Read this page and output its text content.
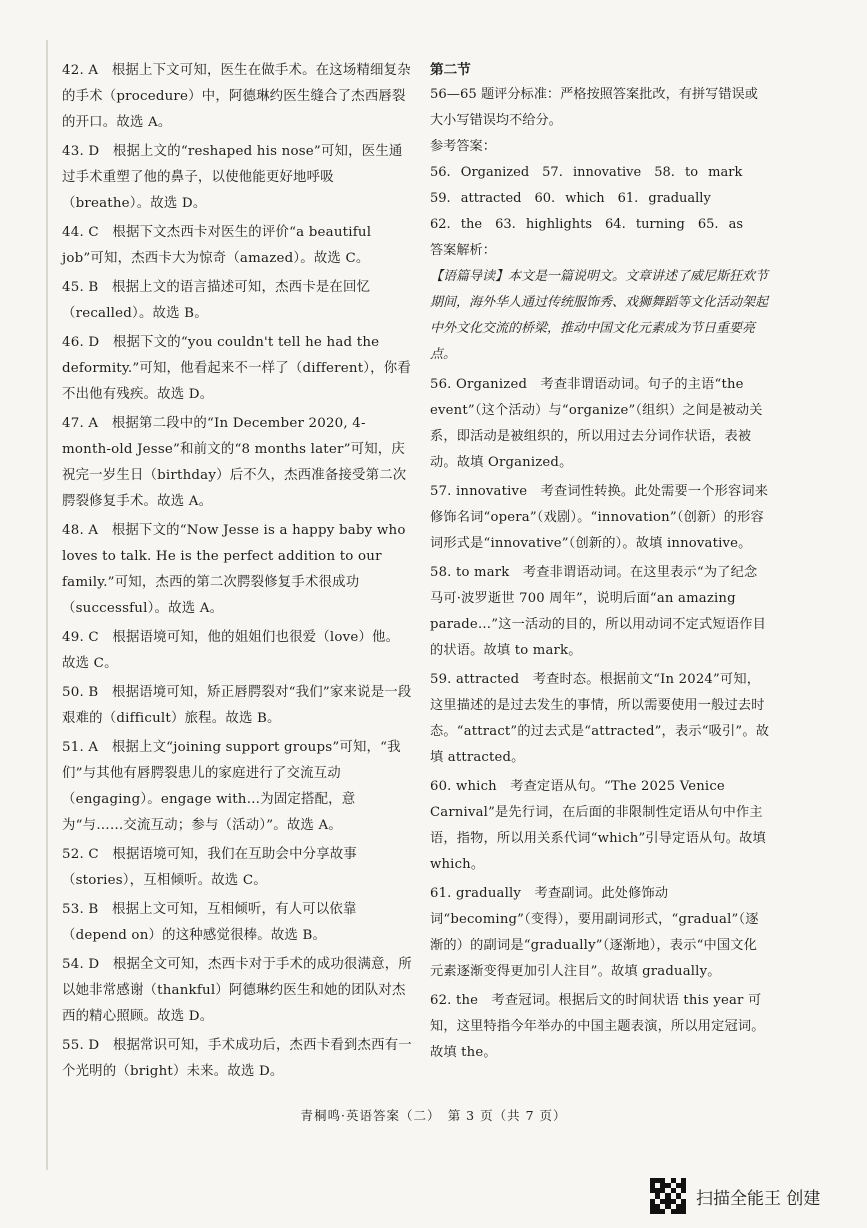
42. A　根据上下文可知，医生在做手术。在这场精细复杂的手术（procedure）中，阿德琳约医生缝合了杰西唇裂的开口。故选 A。
43. D　根据上文的“reshaped his nose”可知，医生通过手术重塑了他的鼻子，以使他能更好地呼吸（breathe）。故选 D。
44. C　根据下文杰西卡对医生的评价“a beautiful job”可知，杰西卡大为惊奇（amazed）。故选 C。
45. B　根据上文的语言描述可知，杰西卡是在回忆（recalled）。故选 B。
46. D　根据下文的“you couldn't tell he had the deformity.”可知，他看起来不一样了（different），你看不出他有残疾。故选 D。
47. A　根据第二段中的“In December 2020, 4-month-old Jesse”和前文的“8 months later”可知，庆祝完一岁生日（birthday）后不久，杰西准备接受第二次腭裂修复手术。故选 A。
48. A　根据下文的“Now Jesse is a happy baby who loves to talk. He is the perfect addition to our family.”可知，杰西的第二次腭裂修复手术很成功（successful）。故选 A。
49. C　根据语境可知，他的姐姐们也很爱（love）他。故选 C。
50. B　根据语境可知，矫正唇腭裂对“我们”家来说是一段艰难的（difficult）旅程。故选 B。
51. A　根据上文“joining support groups”可知，“我们”与其他有唇腭裂患儿的家庭进行了交流互动（engaging）。engage with…为固定搭配，意为“与……交流互动；参与（活动）”。故选 A。
52. C　根据语境可知，我们在互助会中分享故事（stories），互相倾听。故选 C。
53. B　根据上文可知，互相倾听，有人可以依靠（depend on）的这种感觉很棒。故选 B。
54. D　根据全文可知，杰西卡对于手术的成功很满意，所以她非常感谢（thankful）阿德琳约医生和她的团队对杰西的精心照顾。故选 D。
55. D　根据常识可知，手术成功后，杰西卡看到杰西有一个光明的（bright）未来。故选 D。
第二节
56—65 题评分标准：严格按照答案批改，有拼写错误或大小写错误均不给分。
参考答案：
56. Organized　57. innovative　58. to mark
59. attracted　60. which　61. gradually
62. the　63. highlights　64. turning　65. as
答案解析：
【语篇导读】本文是一篇说明文。文章讲述了威尼斯狂欢节期间，海外华人通过传统服饰秀、戏狮舞蹈等文化活动架起中外文化交流的桥梁，推动中国文化元素成为节日重要亮点。
56. Organized　考查非谓语动词。句子的主语“the event”（这个活动）与“organize”（组织）之间是被动关系，即活动是被组织的，所以用过去分词作状语，表被动。故填 Organized。
57. innovative　考查词性转换。此处需要一个形容词来修饰名词“opera”（戏剧）。“innovation”（创新）的形容词形式是“innovative”（创新的）。故填 innovative。
58. to mark　考查非谓语动词。在这里表示“为了纪念马可·波罗逝世 700 周年”，说明后面“an amazing parade…”这一活动的目的，所以用动词不定式短语作目的状语。故填 to mark。
59. attracted　考查时态。根据前文“In 2024”可知，这里描述的是过去发生的事情，所以需要使用一般过去时态。“attract”的过去式是“attracted”，表示“吸引”。故填 attracted。
60. which　考查定语从句。“The 2025 Venice Carnival”是先行词，在后面的非限制性定语从句中作主语，指物，所以用关系代词“which”引导定语从句。故填 which。
61. gradually　考查副词。此处修饰动词“becoming”（变得），要用副词形式，“gradual”（逐渐的）的副词是“gradually”（逐渐地），表示“中国文化元素逐渐变得更加引人注目”。故填 gradually。
62. the　考查冠词。根据后文的时间状语 this year 可知，这里特指今年举办的中国主题表演，所以用定冠词。故填 the。
青桐鸣·英语答案（二）　第 3 页（共 7 页）
扫描全能王 创建
